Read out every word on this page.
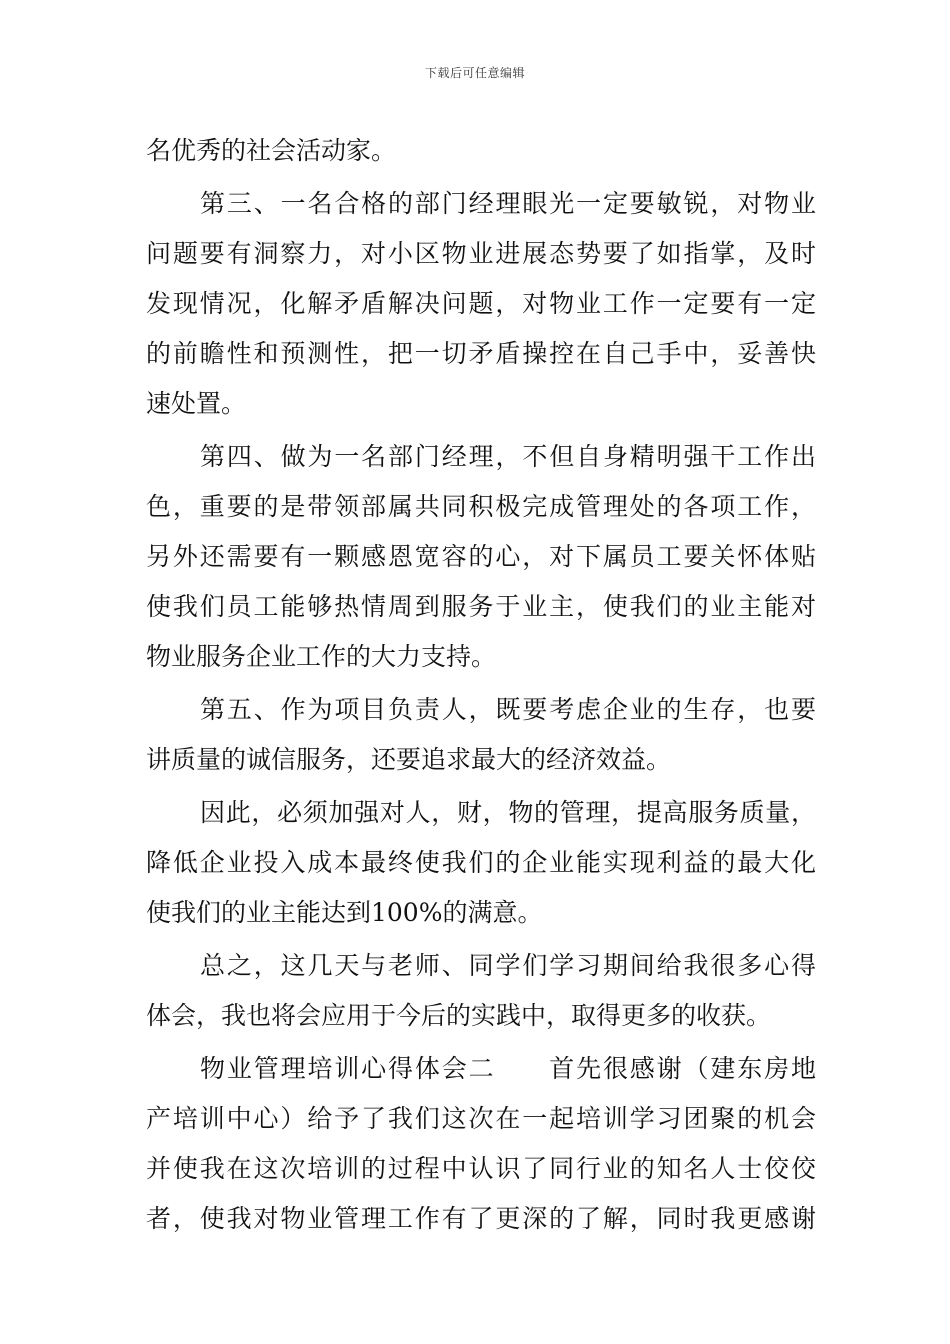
下载后可任意编辑
名优秀的社会活动家。
第三、一名合格的部门经理眼光一定要敏锐，对物业
问题要有洞察力，对小区物业进展态势要了如指掌，及时
发现情况，化解矛盾解决问题，对物业工作一定要有一定
的前瞻性和预测性，把一切矛盾操控在自己手中，妥善快
速处置。
第四、做为一名部门经理，不但自身精明强干工作出
色，重要的是带领部属共同积极完成管理处的各项工作，
另外还需要有一颗感恩宽容的心，对下属员工要关怀体贴
使我们员工能够热情周到服务于业主，使我们的业主能对
物业服务企业工作的大力支持。
第五、作为项目负责人，既要考虑企业的生存，也要
讲质量的诚信服务，还要追求最大的经济效益。
因此，必须加强对人，财，物的管理，提高服务质量，
降低企业投入成本最终使我们的企业能实现利益的最大化
使我们的业主能达到100%的满意。
总之，这几天与老师、同学们学习期间给我很多心得
体会，我也将会应用于今后的实践中，取得更多的收获。
物业管理培训心得体会二　　首先很感谢（建东房地
产培训中心）给予了我们这次在一起培训学习团聚的机会
并使我在这次培训的过程中认识了同行业的知名人士佼佼
者，使我对物业管理工作有了更深的了解，同时我更感谢
